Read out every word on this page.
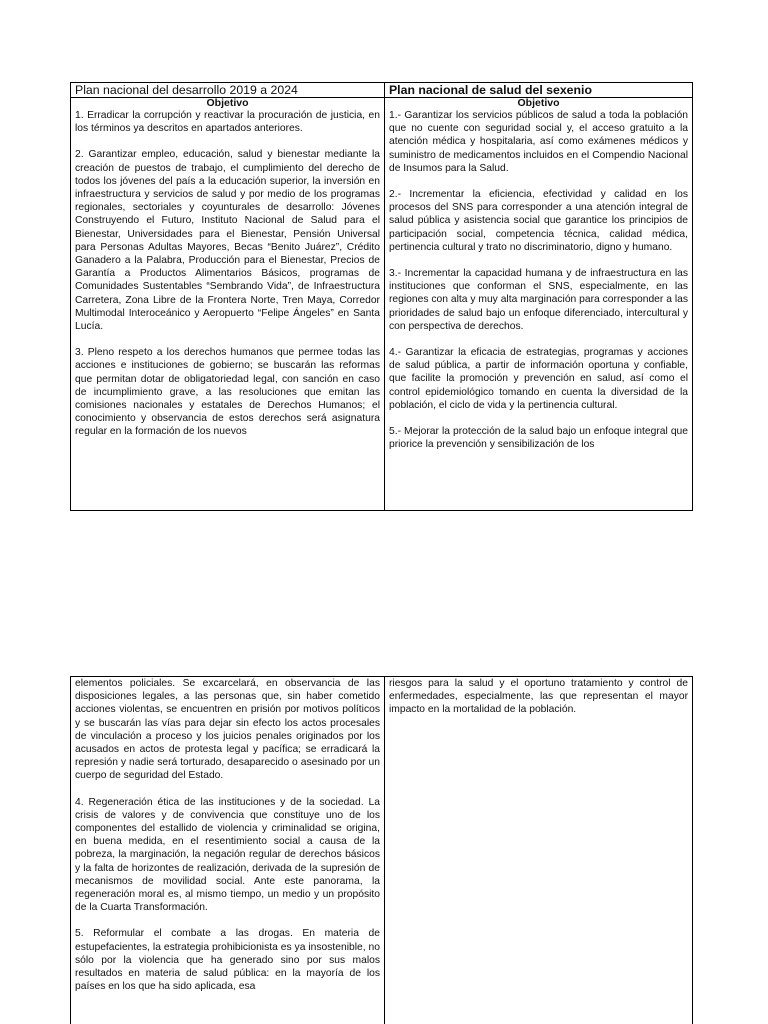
Plan nacional del desarrollo 2019 a 2024
Objetivo

1. Erradicar la corrupción y reactivar la procuración de justicia, en los términos ya descritos en apartados anteriores.

2. Garantizar empleo, educación, salud y bienestar mediante la creación de puestos de trabajo, el cumplimiento del derecho de todos los jóvenes del país a la educación superior, la inversión en infraestructura y servicios de salud y por medio de los programas regionales, sectoriales y coyunturales de desarrollo: Jóvenes Construyendo el Futuro, Instituto Nacional de Salud para el Bienestar, Universidades para el Bienestar, Pensión Universal para Personas Adultas Mayores, Becas “Benito Juárez”, Crédito Ganadero a la Palabra, Producción para el Bienestar, Precios de Garantía a Productos Alimentarios Básicos, programas de Comunidades Sustentables “Sembrando Vida”, de Infraestructura Carretera, Zona Libre de la Frontera Norte, Tren Maya, Corredor Multimodal Interoceánico y Aeropuerto “Felipe Ángeles” en Santa Lucía.

3. Pleno respeto a los derechos humanos que permee todas las acciones e instituciones de gobierno; se buscarán las reformas que permitan dotar de obligatoriedad legal, con sanción en caso de incumplimiento grave, a las resoluciones que emitan las comisiones nacionales y estatales de Derechos Humanos; el conocimiento y observancia de estos derechos será asignatura regular en la formación de los nuevos

Plan nacional de salud del sexenio
Objetivo

1.- Garantizar los servicios públicos de salud a toda la población que no cuente con seguridad social y, el acceso gratuito a la atención médica y hospitalaria, así como exámenes médicos y suministro de medicamentos incluidos en el Compendio Nacional de Insumos para la Salud.

2.- Incrementar la eficiencia, efectividad y calidad en los procesos del SNS para corresponder a una atención integral de salud pública y asistencia social que garantice los principios de participación social, competencia técnica, calidad médica, pertinencia cultural y trato no discriminatorio, digno y humano.

3.- Incrementar la capacidad humana y de infraestructura en las instituciones que conforman el SNS, especialmente, en las regiones con alta y muy alta marginación para corresponder a las prioridades de salud bajo un enfoque diferenciado, intercultural y con perspectiva de derechos.

4.- Garantizar la eficacia de estrategias, programas y acciones de salud pública, a partir de información oportuna y confiable, que facilite la promoción y prevención en salud, así como el control epidemiológico tomando en cuenta la diversidad de la población, el ciclo de vida y la pertinencia cultural.

5.- Mejorar la protección de la salud bajo un enfoque integral que priorice la prevención y sensibilización de los

elementos policiales. Se excarcelará, en observancia de las disposiciones legales, a las personas que, sin haber cometido acciones violentas, se encuentren en prisión por motivos políticos y se buscarán las vías para dejar sin efecto los actos procesales de vinculación a proceso y los juicios penales originados por los acusados en actos de protesta legal y pacífica; se erradicará la represión y nadie será torturado, desaparecido o asesinado por un cuerpo de seguridad del Estado.

4. Regeneración ética de las instituciones y de la sociedad. La crisis de valores y de convivencia que constituye uno de los componentes del estallido de violencia y criminalidad se origina, en buena medida, en el resentimiento social a causa de la pobreza, la marginación, la negación regular de derechos básicos y la falta de horizontes de realización, derivada de la supresión de mecanismos de movilidad social. Ante este panorama, la regeneración moral es, al mismo tiempo, un medio y un propósito de la Cuarta Transformación.

5. Reformular el combate a las drogas. En materia de estupefacientes, la estrategia prohibicionista es ya insostenible, no sólo por la violencia que ha generado sino por sus malos resultados en materia de salud pública: en la mayoría de los países en los que ha sido aplicada, esa

riesgos para la salud y el oportuno tratamiento y control de enfermedades, especialmente, las que representan el mayor impacto en la mortalidad de la población.
